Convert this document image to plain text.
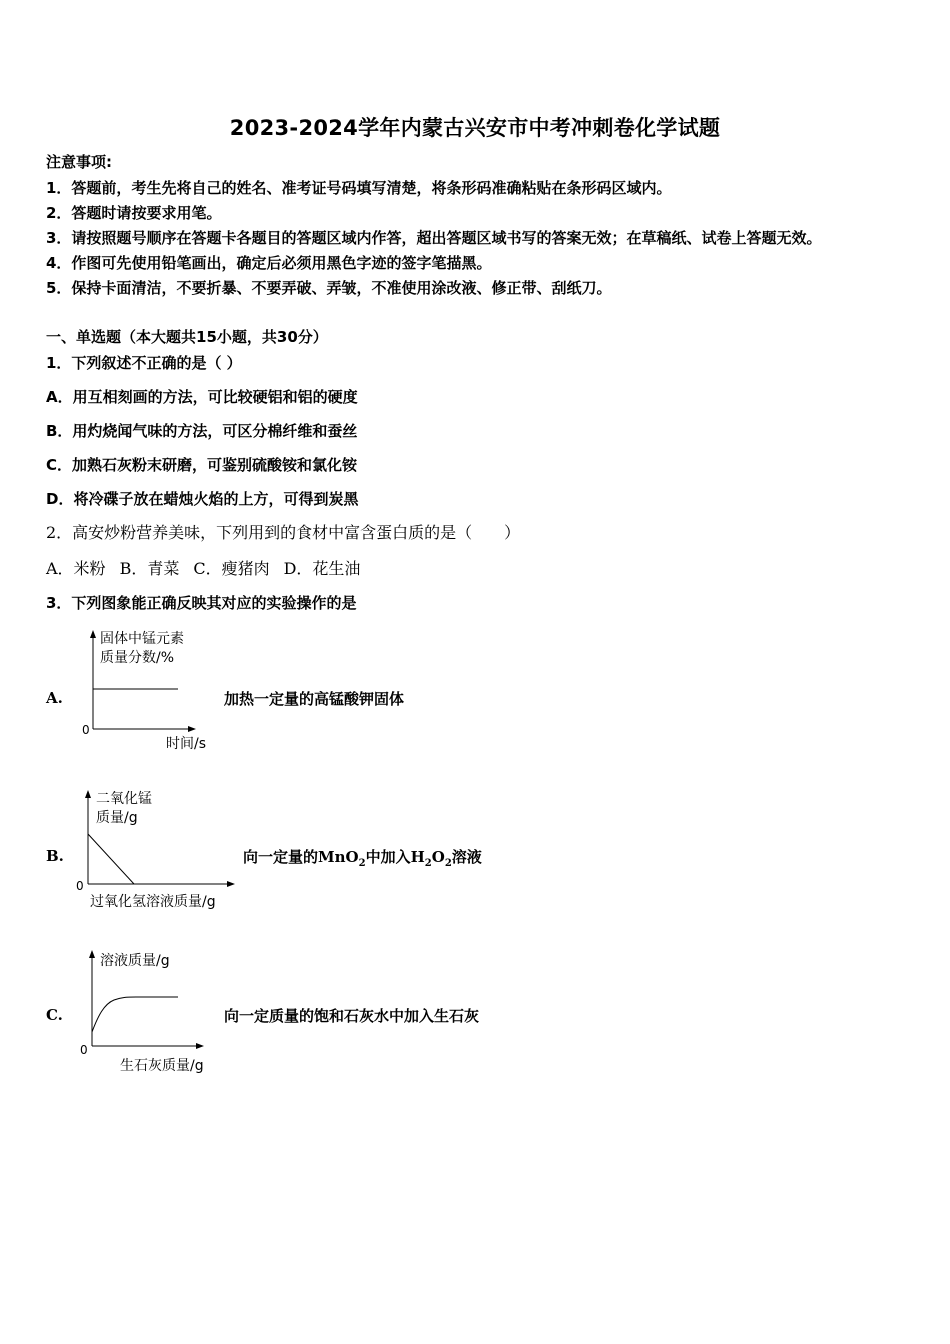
2023-2024学年内蒙古兴安市中考冲刺卷化学试题
注意事项:
1．答题前，考生先将自己的姓名、准考证号码填写清楚，将条形码准确粘贴在条形码区域内。
2．答题时请按要求用笔。
3．请按照题号顺序在答题卡各题目的答题区域内作答，超出答题区域书写的答案无效；在草稿纸、试卷上答题无效。
4．作图可先使用铅笔画出，确定后必须用黑色字迹的签字笔描黑。
5．保持卡面清洁，不要折暴、不要弄破、弄皱，不准使用涂改液、修正带、刮纸刀。
一、单选题（本大题共15小题，共30分）
1．下列叙述不正确的是（ ）
A．用互相刻画的方法，可比较硬铝和铝的硬度
B．用灼烧闻气味的方法，可区分棉纤维和蚕丝
C．加熟石灰粉末研磨，可鉴别硫酸铵和氯化铵
D．将冷碟子放在蜡烛火焰的上方，可得到炭黑
2．高安炒粉营养美味，下列用到的食材中富含蛋白质的是（　　）
A．米粉 B．青菜 C．瘦猪肉 D．花生油
3．下列图象能正确反映其对应的实验操作的是
A.
固体中锰元素
质量分数/%
0
时间/s
加热一定量的高锰酸钾固体
B.
二氧化锰
质量/g
0
过氧化氢溶液质量/g
向一定量的MnO$_2$中加入$H_2O_2$溶液
C.
溶液质量/g
0
生石灰质量/g
向一定质量的饱和石灰水中加入生石灰
